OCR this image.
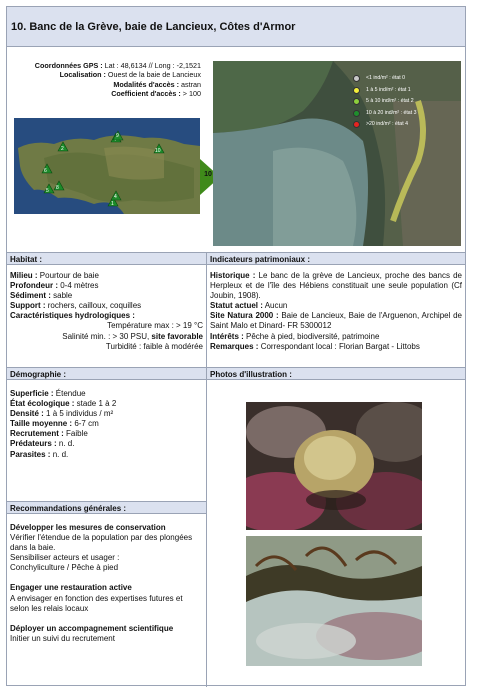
10. Banc de la Grève, baie de Lancieux, Côtes d'Armor
Coordonnées GPS : Lat : 48,6134 // Long : -2,1521
Localisation : Ouest de la baie de Lancieux
Modalités d'accès : astran
Coefficient d'accès : > 100
6
2
9
10
5 8
1
4
10
<1 ind/m² : état 0
1 à 5 ind/m² : état 1
5 à 10 ind/m² : état 2
10 à 20 ind/m² : état 3
>20 ind/m² : état 4
Habitat :
Milieu : Pourtour de baie
Profondeur : 0-4 mètres
Sédiment : sable
Support : rochers, cailloux, coquilles
Caractéristiques hydrologiques :
Température max : > 19 °C
Salinité min. : > 30 PSU, site favorable
Turbidité : faible à modérée
Indicateurs patrimoniaux :
Historique : Le banc de la grève de Lancieux, proche des bancs de Herpleux et de l'île des Hébiens constituait une seule population (Cf Joubin, 1908).
Statut actuel : Aucun
Site Natura 2000 : Baie de Lancieux, Baie de l'Arguenon, Archipel de Saint Malo et Dinard- FR 5300012
Intérêts : Pêche à pied, biodiversité, patrimoine
Remarques : Correspondant local : Florian Bargat - Littobs
Démographie :	Photos d'illustration :
Superficie : Étendue
État écologique : stade 1 à 2
Densité : 1 à 5 individus / m²
Taille moyenne : 6-7 cm
Recrutement : Faible
Prédateurs : n. d.
Parasites : n. d.
Recommandations générales :
Développer les mesures de conservation
Vérifier l'étendue de la population par des plongées dans la baie.
Sensibiliser acteurs et usager :
Conchyliculture / Pêche à pied
Engager une restauration active
A envisager en fonction des expertises futures et selon les relais locaux
Déployer un accompagnement scientifique
Initier un suivi du recrutement
